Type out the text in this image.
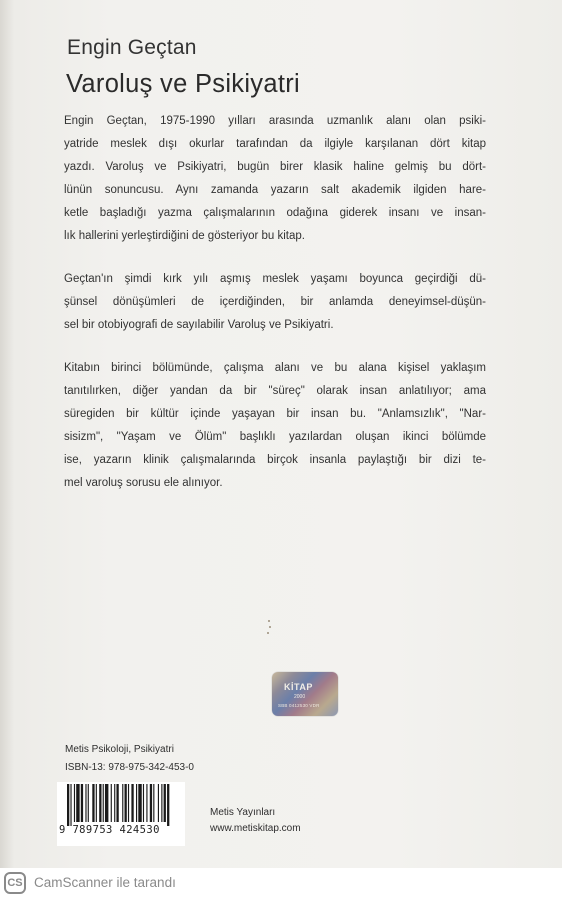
Engin Geçtan
Varoluş ve Psikiyatri

Engin Geçtan, 1975-1990 yılları arasında uzmanlık alanı olan psiki-
yatride meslek dışı okurlar tarafından da ilgiyle karşılanan dört kitap
yazdı. Varoluş ve Psikiyatri, bugün birer klasik haline gelmiş bu dört-
lünün sonuncusu. Aynı zamanda yazarın salt akademik ilgiden hare-
ketle başladığı yazma çalışmalarının odağına giderek insanı ve insan-
lık hallerini yerleştirdiğini de gösteriyor bu kitap.

Geçtan'ın şimdi kırk yılı aşmış meslek yaşamı boyunca geçirdiği dü-
şünsel dönüşümleri de içerdiğinden, bir anlamda deneyimsel-düşün-
sel bir otobiyografi de sayılabilir Varoluş ve Psikiyatri.

Kitabın birinci bölümünde, çalışma alanı ve bu alana kişisel yaklaşım
tanıtılırken, diğer yandan da bir "süreç" olarak insan anlatılıyor; ama
süregiden bir kültür içinde yaşayan bir insan bu. "Anlamsızlık", "Nar-
sisizm", "Yaşam ve Ölüm" başlıklı yazılardan oluşan ikinci bölümde
ise, yazarın klinik çalışmalarında birçok insanla paylaştığı bir dizi te-
mel varoluş sorusu ele alınıyor.

KİTAP
2000
SBB 0412530 VDR

Metis Psikoloji, Psikiyatri

ISBN-13: 978-975-342-453-0

9 789753 424530

Metis Yayınları

www.metiskitap.com

CS CamScanner ile tarandı
